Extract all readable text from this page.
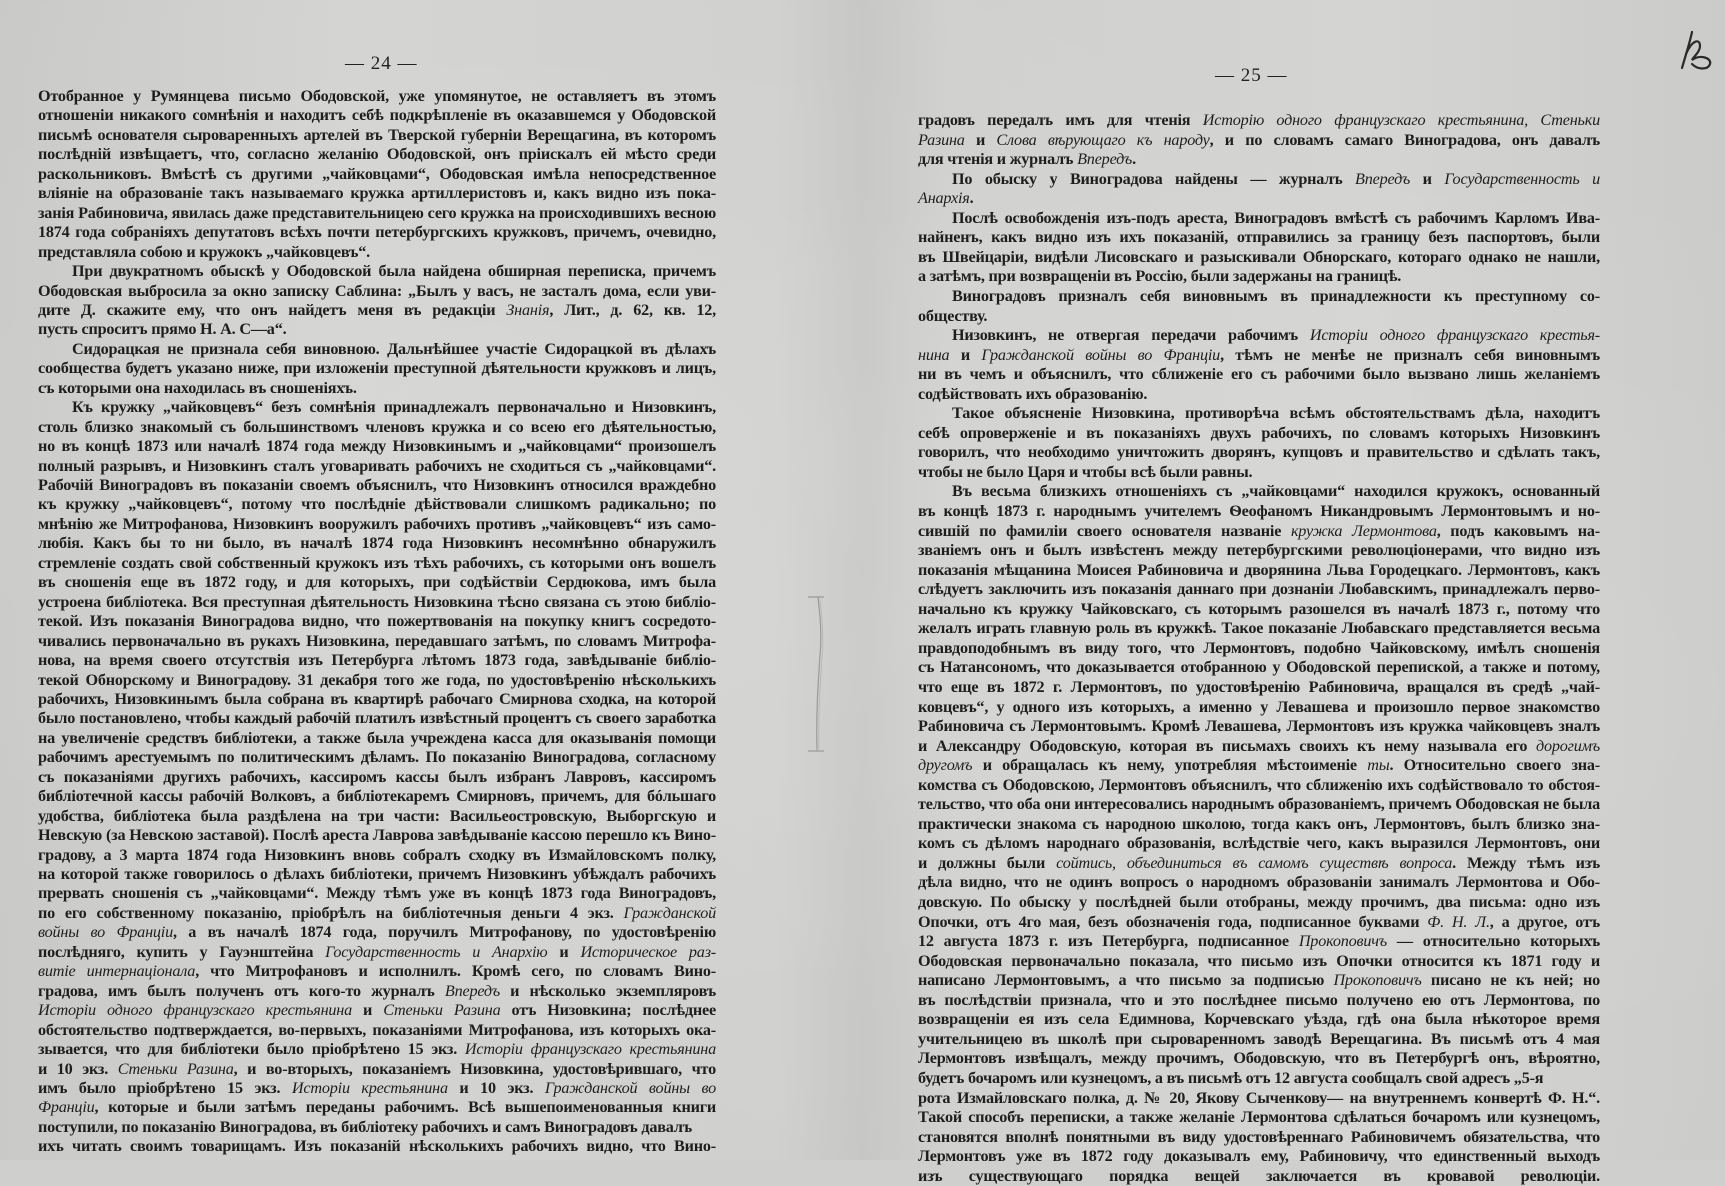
— 24 —
Отобранное у Румянцева письмо Ободовской, уже упомянутое, не оставляетъ въ этомъ
отношеніи никакого сомнѣнія и находитъ себѣ подкрѣпленіе въ оказавшемся у Ободовской
письмѣ основателя сыроваренныхъ артелей въ Тверской губерніи Верещагина, въ которомъ
послѣдній извѣщаетъ, что, согласно желанію Ободовской, онъ пріискалъ ей мѣсто среди
раскольниковъ. Вмѣстѣ съ другими „чайковцами“, Ободовская имѣла непосредственное
вліяніе на образованіе такъ называемаго кружка артиллеристовъ и, какъ видно изъ пока-
занія Рабиновича, явилась даже представительницею сего кружка на происходившихъ весною
1874 года собраніяхъ депутатовъ всѣхъ почти петербургскихъ кружковъ, причемъ, очевидно,
представляла собою и кружокъ „чайковцевъ“.
При двукратномъ обыскѣ у Ободовской была найдена обширная переписка, причемъ
Ободовская выбросила за окно записку Саблина: „Былъ у васъ, не засталъ дома, если уви-
дите Д. скажите ему, что онъ найдетъ меня въ редакціи Знанія, Лит., д. 62, кв. 12,
пусть спроситъ прямо Н. А. С—а“.
Сидорацкая не признала себя виновною. Дальнѣйшее участіе Сидорацкой въ дѣлахъ
сообщества будетъ указано ниже, при изложеніи преступной дѣятельности кружковъ и лицъ,
съ которыми она находилась въ сношеніяхъ.
Къ кружку „чайковцевъ“ безъ сомнѣнія принадлежалъ первоначально и Низовкинъ,
столь близко знакомый съ большинствомъ членовъ кружка и со всею его дѣятельностью,
но въ концѣ 1873 или началѣ 1874 года между Низовкинымъ и „чайковцами“ произошелъ
полный разрывъ, и Низовкинъ сталъ уговаривать рабочихъ не сходиться съ „чайковцами“.
Рабочій Виноградовъ въ показаніи своемъ объяснилъ, что Низовкинъ относился враждебно
къ кружку „чайковцевъ“, потому что послѣдніе дѣйствовали слишкомъ радикально; по
мнѣнію же Митрофанова, Низовкинъ вооружилъ рабочихъ противъ „чайковцевъ“ изъ само-
любія. Какъ бы то ни было, въ началѣ 1874 года Низовкинъ несомнѣнно обнаружилъ
стремленіе создать свой собственный кружокъ изъ тѣхъ рабочихъ, съ которыми онъ вошелъ
въ сношенія еще въ 1872 году, и для которыхъ, при содѣйствіи Сердюкова, имъ была
устроена библіотека. Вся преступная дѣятельность Низовкина тѣсно связана съ этою библіо-
текой. Изъ показанія Виноградова видно, что пожертвованія на покупку книгъ сосредото-
чивались первоначально въ рукахъ Низовкина, передавшаго затѣмъ, по словамъ Митрофа-
нова, на время своего отсутствія изъ Петербурга лѣтомъ 1873 года, завѣдываніе библіо-
текой Обнорскому и Виноградову. 31 декабря того же года, по удостовѣренію нѣсколькихъ
рабочихъ, Низовкинымъ была собрана въ квартирѣ рабочаго Смирнова сходка, на которой
было постановлено, чтобы каждый рабочій платилъ извѣстный процентъ съ своего заработка
на увеличеніе средствъ библіотеки, а также была учреждена касса для оказыванія помощи
рабочимъ арестуемымъ по политическимъ дѣламъ. По показанію Виноградова, согласному
съ показаніями другихъ рабочихъ, кассиромъ кассы былъ избранъ Лавровъ, кассиромъ
библіотечной кассы рабочій Волковъ, а библіотекаремъ Смирновъ, причемъ, для бóльшаго
удобства, библіотека была раздѣлена на три части: Васильеостровскую, Выборгскую и
Невскую (за Невскою заставой). Послѣ ареста Лаврова завѣдываніе кассою перешло къ Вино-
градову, а 3 марта 1874 года Низовкинъ вновь собралъ сходку въ Измайловскомъ полку,
на которой также говорилось о дѣлахъ библіотеки, причемъ Низовкинъ убѣждалъ рабочихъ
прервать сношенія съ „чайковцами“. Между тѣмъ уже въ концѣ 1873 года Виноградовъ,
по его собственному показанію, пріобрѣлъ на библіотечныя деньги 4 экз. Гражданской
войны во Франціи, а въ началѣ 1874 года, поручилъ Митрофанову, по удостовѣренію
послѣдняго, купить у Гауэнштейна Государственность и Анархію и Историческое раз-
витіе интернаціонала, что Митрофановъ и исполнилъ. Кромѣ сего, по словамъ Вино-
градова, имъ былъ полученъ отъ кого-то журналъ Впередъ и нѣсколько экземпляровъ
Исторіи одного французскаго крестьянина и Стеньки Разина отъ Низовкина; послѣднее
обстоятельство подтверждается, во-первыхъ, показаніями Митрофанова, изъ которыхъ ока-
зывается, что для библіотеки было пріобрѣтено 15 экз. Исторіи французскаго крестьянина
и 10 экз. Стеньки Разина, и во-вторыхъ, показаніемъ Низовкина, удостовѣрившаго, что
имъ было пріобрѣтено 15 экз. Исторіи крестьянина и 10 экз. Гражданской войны во
Франціи, которые и были затѣмъ переданы рабочимъ. Всѣ вышепоименованныя книги
поступили, по показанію Виноградова, въ библіотеку рабочихъ и самъ Виноградовъ давалъ
ихъ читать своимъ товарищамъ. Изъ показаній нѣсколькихъ рабочихъ видно, что Вино-
— 25 —
градовъ передалъ имъ для чтенія Исторію одного французскаго крестьянина, Стеньки
Разина и Слова вѣрующаго къ народу, и по словамъ самаго Виноградова, онъ давалъ
для чтенія и журналъ Впередъ.
По обыску у Виноградова найдены — журналъ Впередъ и Государственность и
Анархія.
Послѣ освобожденія изъ-подъ ареста, Виноградовъ вмѣстѣ съ рабочимъ Карломъ Ива-
найненъ, какъ видно изъ ихъ показаній, отправились за границу безъ паспортовъ, были
въ Швейцаріи, видѣли Лисовскаго и разыскивали Обнорскаго, котораго однако не нашли,
а затѣмъ, при возвращеніи въ Россію, были задержаны на границѣ.
Виноградовъ призналъ себя виновнымъ въ принадлежности къ преступному со-
обществу.
Низовкинъ, не отвергая передачи рабочимъ Исторіи одного французскаго крестья-
нина и Гражданской войны во Франціи, тѣмъ не менѣе не призналъ себя виновнымъ
ни въ чемъ и объяснилъ, что сближеніе его съ рабочими было вызвано лишь желаніемъ
содѣйствовать ихъ образованію.
Такое объясненіе Низовкина, противорѣча всѣмъ обстоятельствамъ дѣла, находитъ
себѣ опроверженіе и въ показаніяхъ двухъ рабочихъ, по словамъ которыхъ Низовкинъ
говорилъ, что необходимо уничтожить дворянъ, купцовъ и правительство и сдѣлать такъ,
чтобы не было Царя и чтобы всѣ были равны.
Въ весьма близкихъ отношеніяхъ съ „чайковцами“ находился кружокъ, основанный
въ концѣ 1873 г. народнымъ учителемъ Ѳеофаномъ Никандровымъ Лермонтовымъ и но-
сившій по фамиліи своего основателя названіе кружка Лермонтова, подъ каковымъ на-
званіемъ онъ и былъ извѣстенъ между петербургскими революціонерами, что видно изъ
показанія мѣщанина Моисея Рабиновича и дворянина Льва Городецкаго. Лермонтовъ, какъ
слѣдуетъ заключить изъ показанія даннаго при дознаніи Любавскимъ, принадлежалъ перво-
начально къ кружку Чайковскаго, съ которымъ разошелся въ началѣ 1873 г., потому что
желалъ играть главную роль въ кружкѣ. Такое показаніе Любавскаго представляется весьма
правдоподобнымъ въ виду того, что Лермонтовъ, подобно Чайковскому, имѣлъ сношенія
съ Натансономъ, что доказывается отобранною у Ободовской перепиской, а также и потому,
что еще въ 1872 г. Лермонтовъ, по удостовѣренію Рабиновича, вращался въ средѣ „чай-
ковцевъ“, у одного изъ которыхъ, а именно у Левашева и произошло первое знакомство
Рабиновича съ Лермонтовымъ. Кромѣ Левашева, Лермонтовъ изъ кружка чайковцевъ зналъ
и Александру Ободовскую, которая въ письмахъ своихъ къ нему называла его дорогимъ
другомъ и обращалась къ нему, употребляя мѣстоименіе ты. Относительно своего зна-
комства съ Ободовскою, Лермонтовъ объяснилъ, что сближенію ихъ содѣйствовало то обстоя-
тельство, что оба они интересовались народнымъ образованіемъ, причемъ Ободовская не была
практически знакома съ народною школою, тогда какъ онъ, Лермонтовъ, былъ близко зна-
комъ съ дѣломъ народнаго образованія, вслѣдствіе чего, какъ выразился Лермонтовъ, они
и должны были сойтись, объединиться въ самомъ существѣ вопроса. Между тѣмъ изъ
дѣла видно, что не одинъ вопросъ о народномъ образованіи занималъ Лермонтова и Обо-
довскую. По обыску у послѣдней были отобраны, между прочимъ, два письма: одно изъ
Опочки, отъ 4го мая, безъ обозначенія года, подписанное буквами Ф. Н. Л., а другое, отъ
12 августа 1873 г. изъ Петербурга, подписанное Прокоповичъ — относительно которыхъ
Ободовская первоначально показала, что письмо изъ Опочки относится къ 1871 году и
написано Лермонтовымъ, а что письмо за подписью Прокоповичъ писано не къ ней; но
въ послѣдствіи признала, что и это послѣднее письмо получено ею отъ Лермонтова, по
возвращеніи ея изъ села Едимнова, Корчевскаго уѣзда, гдѣ она была нѣкоторое время
учительницею въ школѣ при сыроваренномъ заводѣ Верещагина. Въ письмѣ отъ 4 мая
Лермонтовъ извѣщалъ, между прочимъ, Ободовскую, что въ Петербургѣ онъ, вѣроятно,
будетъ бочаромъ или кузнецомъ, а въ письмѣ отъ 12 августа сообщалъ свой адресъ „5-я
рота Измайловскаго полка, д. № 20, Якову Сыченкову— на внутреннемъ конвертѣ Ф. Н.“.
Такой способъ переписки, а также желаніе Лермонтова сдѣлаться бочаромъ или кузнецомъ,
становятся вполнѣ понятными въ виду удостовѣреннаго Рабиновичемъ обязательства, что
Лермонтовъ уже въ 1872 году доказывалъ ему, Рабиновичу, что единственный выходъ
изъ существующаго порядка вещей заключается въ кровавой революціи.
